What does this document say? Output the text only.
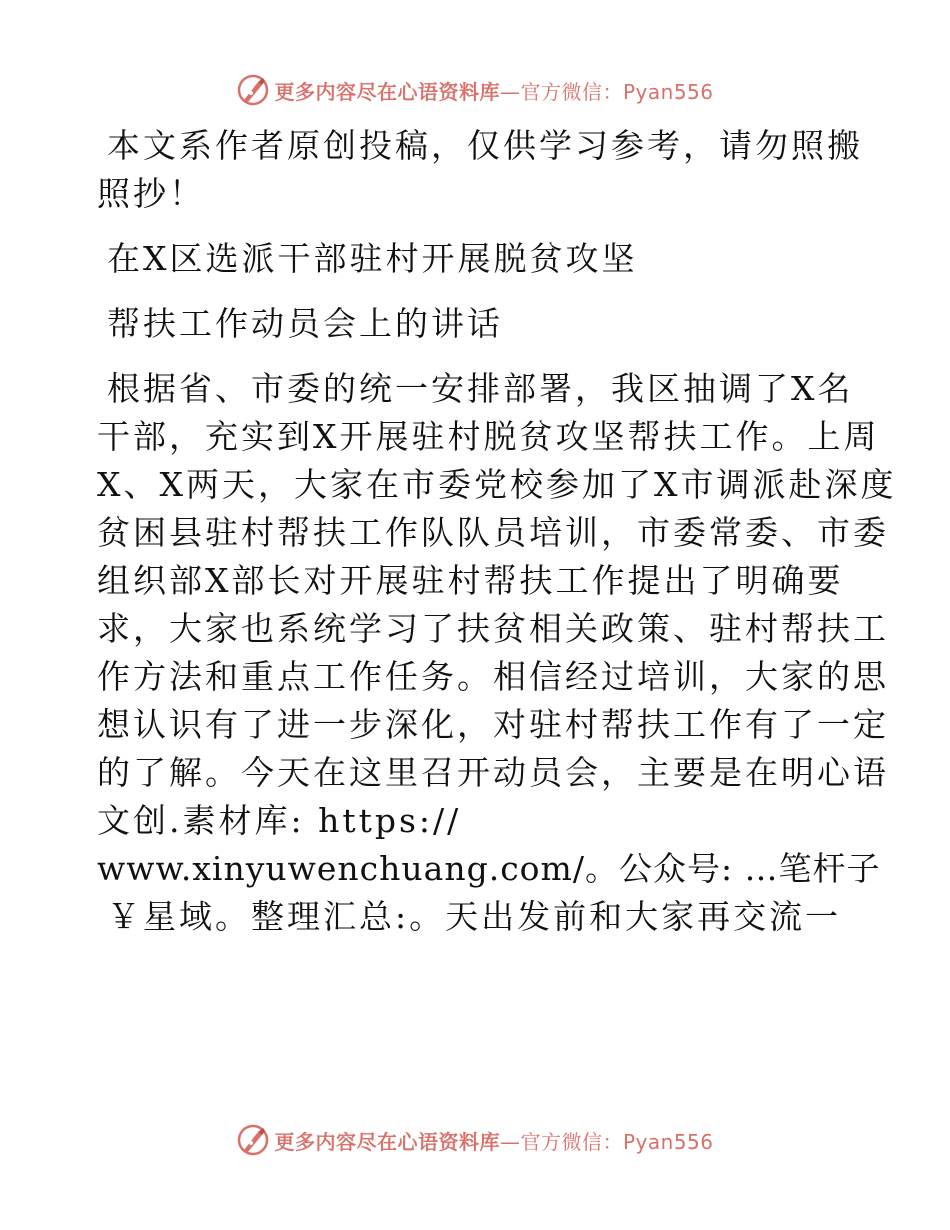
更多内容尽在心语资料库—官方微信：Pyan556
本文系作者原创投稿，仅供学习参考，请勿照搬
照抄！
在X区选派干部驻村开展脱贫攻坚
帮扶工作动员会上的讲话
根据省、市委的统一安排部署，我区抽调了X名
干部，充实到X开展驻村脱贫攻坚帮扶工作。上周
X、X两天，大家在市委党校参加了X市调派赴深度
贫困县驻村帮扶工作队队员培训，市委常委、市委
组织部X部长对开展驻村帮扶工作提出了明确要
求，大家也系统学习了扶贫相关政策、驻村帮扶工
作方法和重点工作任务。相信经过培训，大家的思
想认识有了进一步深化，对驻村帮扶工作有了一定
的了解。今天在这里召开动员会，主要是在明心语
文创.素材库: https://
www.xinyuwenchuang.com/。公众号: …笔杆子
￥星域。整理汇总:。天出发前和大家再交流一
更多内容尽在心语资料库—官方微信：Pyan556
